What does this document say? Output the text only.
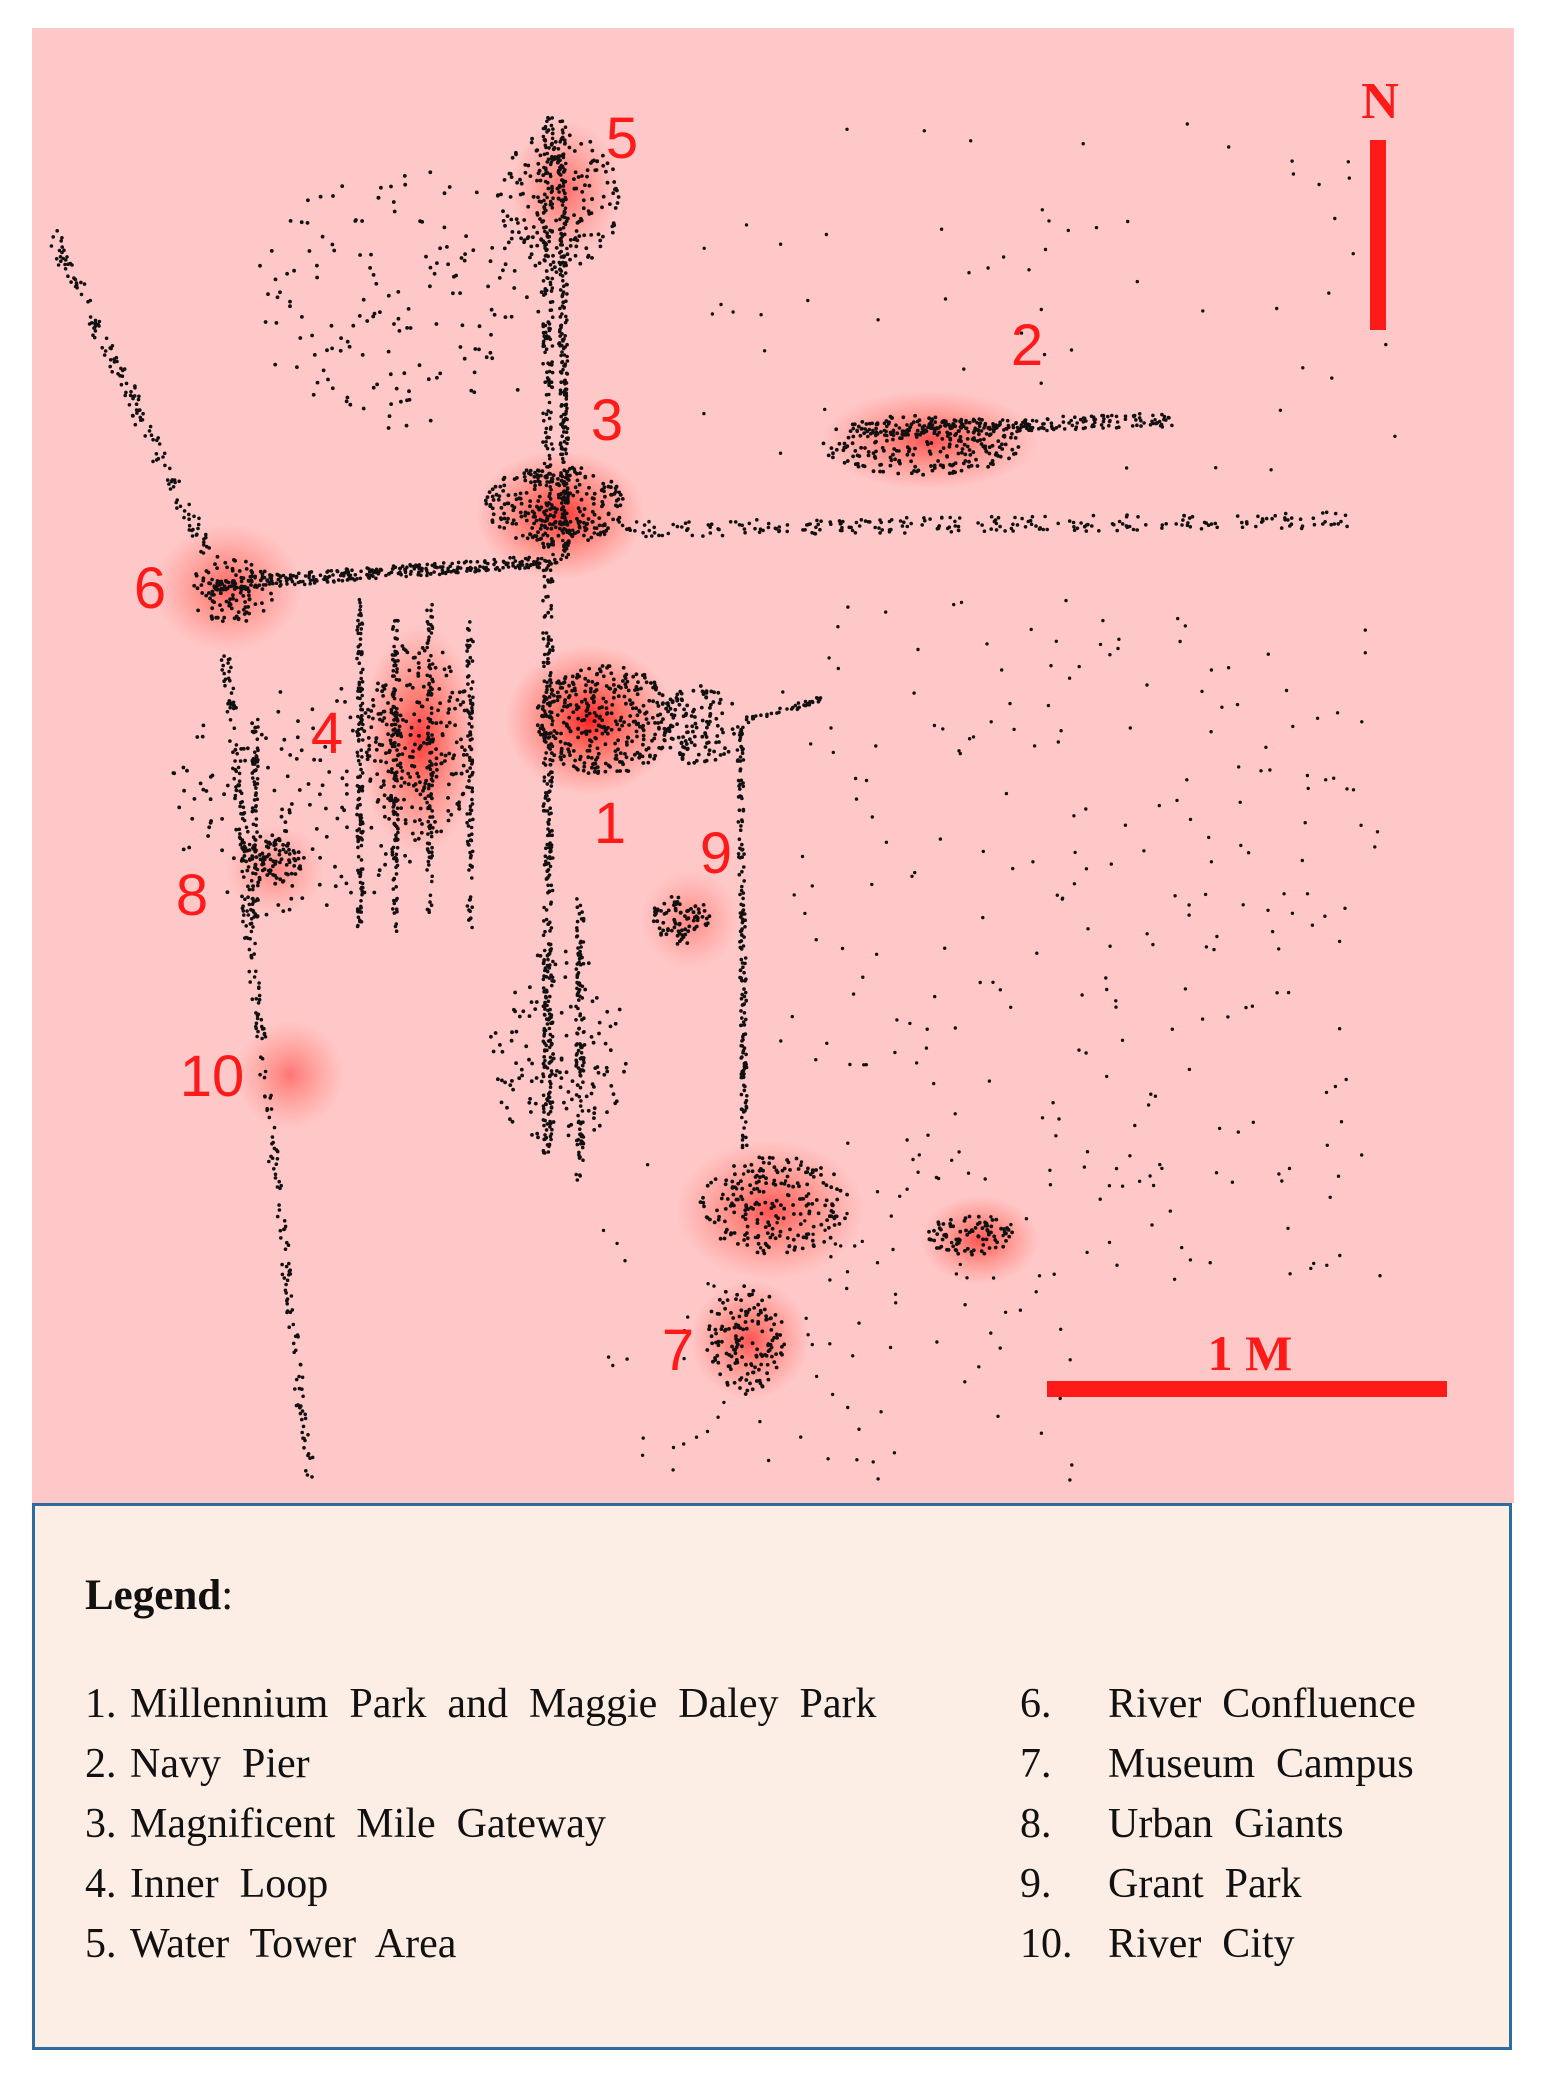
1
2
3
4
5
6
7
8
9
10
N
1 M
Legend:
1. Millennium  Park  and  Maggie  Daley  Park
2. Navy  Pier
3. Magnificent  Mile  Gateway
4. Inner  Loop
5. Water  Tower  Area
6. River  Confluence
7. Museum  Campus
8. Urban  Giants
9. Grant  Park
10. River  City
